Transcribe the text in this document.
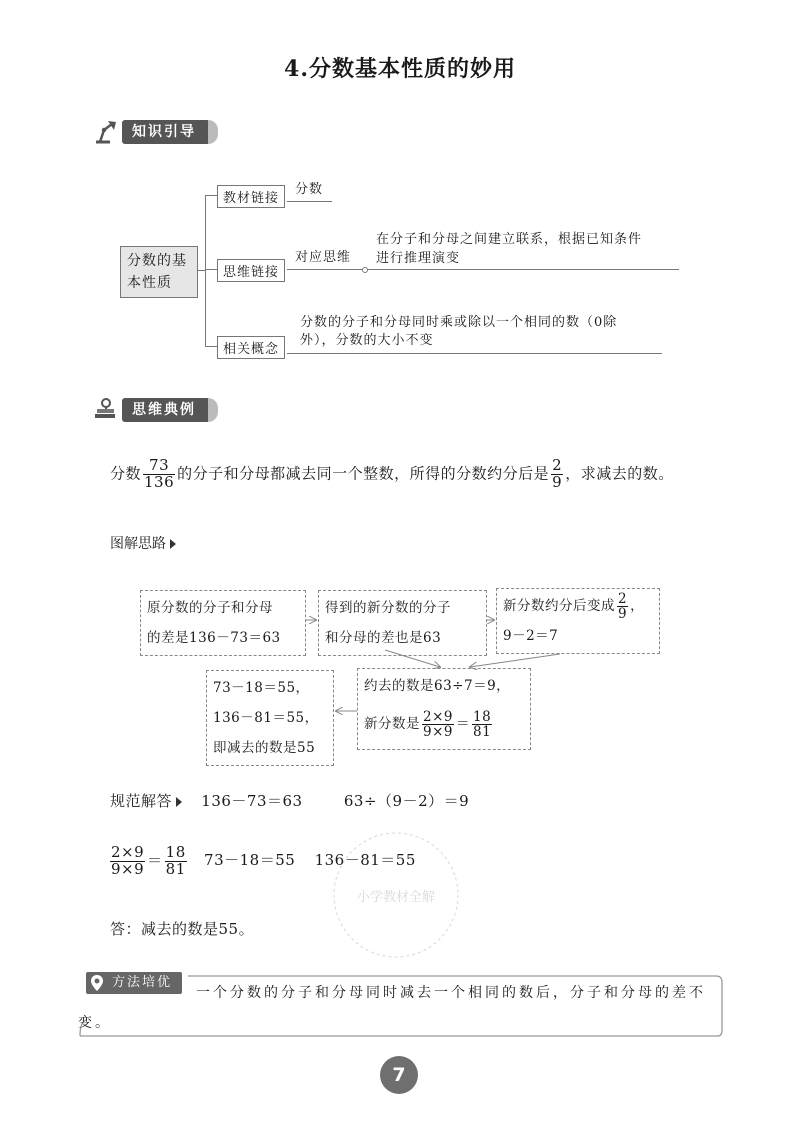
4.分数基本性质的妙用
知识引导
分数的基本性质
教材链接
分数
思维链接
对应思维
在分子和分母之间建立联系，根据已知条件
进行推理演变
相关概念
分数的分子和分母同时乘或除以一个相同的数（0除
外），分数的大小不变
思维典例
分数 $\frac{73}{136}$ 的分子和分母都减去同一个整数，所得的分数约分后是 $\frac{2}{9}$ ，求减去的数。
图解思路
原分数的分子和分母
的差是136－73＝63
得到的新分数的分子
和分母的差也是63
新分数约分后变成 $\frac{2}{9}$ ，
9－2＝7
约去的数是63÷7＝9，
新分数是 $\frac{2\times 9}{9\times 9} = \frac{18}{81}$
73－18＝55，
136－81＝55，
即减去的数是55
规范解答 136－73＝63	63÷（9－2）＝9
$\frac{2\times 9}{9\times 9} = \frac{18}{81} 73-18=55$ 136－81＝55
答：减去的数是55。
小学教材全解
方法培优
一个分数的分子和分母同时减去一个相同的数后，分子和分母的差不变。
7
